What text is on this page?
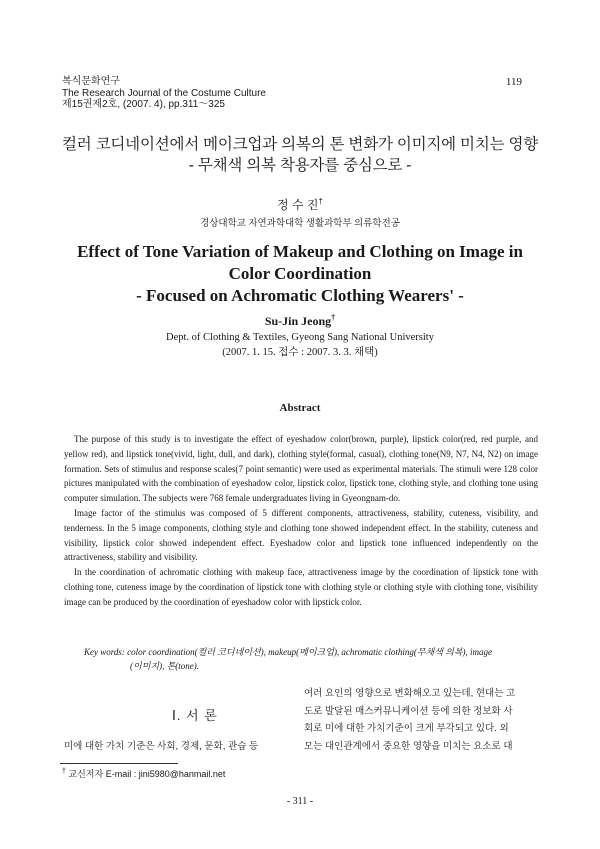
복식문화연구
The Research Journal of the Costume Culture
제15권제2호, (2007. 4), pp.311～325
119
컬러 코디네이션에서 메이크업과 의복의 톤 변화가 이미지에 미치는 영향
- 무채색 의복 착용자를 중심으로 -
정 수 진†
경상대학교 자연과학대학 생활과학부 의류학전공
Effect of Tone Variation of Makeup and Clothing on Image in
Color Coordination
- Focused on Achromatic Clothing Wearers' -
Su-Jin Jeong†
Dept. of Clothing & Textiles, Gyeong Sang National University
(2007. 1. 15. 접수 : 2007. 3. 3. 채택)
Abstract

The purpose of this study is to investigate the effect of eyeshadow color(brown, purple), lipstick color(red, red purple, and yellow red), and lipstick tone(vivid, light, dull, and dark), clothing style(formal, casual), clothing tone(N9, N7, N4, N2) on image formation. Sets of stimulus and response scales(7 point semantic) were used as experimental materials. The stimuli were 128 color pictures manipulated with the combination of eyeshadow color, lipstick color, lipstick tone, clothing style, and clothing tone using computer simulation. The subjects were 768 female undergraduates living in Gyeongnam-do.

Image factor of the stimulus was composed of 5 different components, attractiveness, stability, cuteness, visibility, and tenderness. In the 5 image components, clothing style and clothing tone showed independent effect. In the stability, cuteness and visibility, lipstick color showed independent effect. Eyeshadow color and lipstick tone influenced independently on the attractiveness, stability and visibility.

In the coordination of achromatic clothing with makeup face, attractiveness image by the coordination of lipstick tone with clothing tone, cuteness image by the coordination of lipstick tone with clothing style or clothing style with clothing tone, visibility image can be produced by the coordination of eyeshadow color with lipstick color.

Key words: color coordination(컬러 코디네이션), makeup(메이크업), achromatic clothing(무채색 의복), image
(이미지), 톤(tone).
Ⅰ. 서 론
미에 대한 가치 기준은 사회, 경제, 문화, 관습 등
여러 요인의 영향으로 변화해오고 있는데, 현대는 고
도로 발달된 매스커뮤니케이션 등에 의한 정보화 사
회로 미에 대한 가치기준이 크게 부각되고 있다. 외
모는 대인관계에서 중요한 영향을 미치는 요소로 대
† 교신저자 E-mail : jini5980@hanmail.net
- 311 -
